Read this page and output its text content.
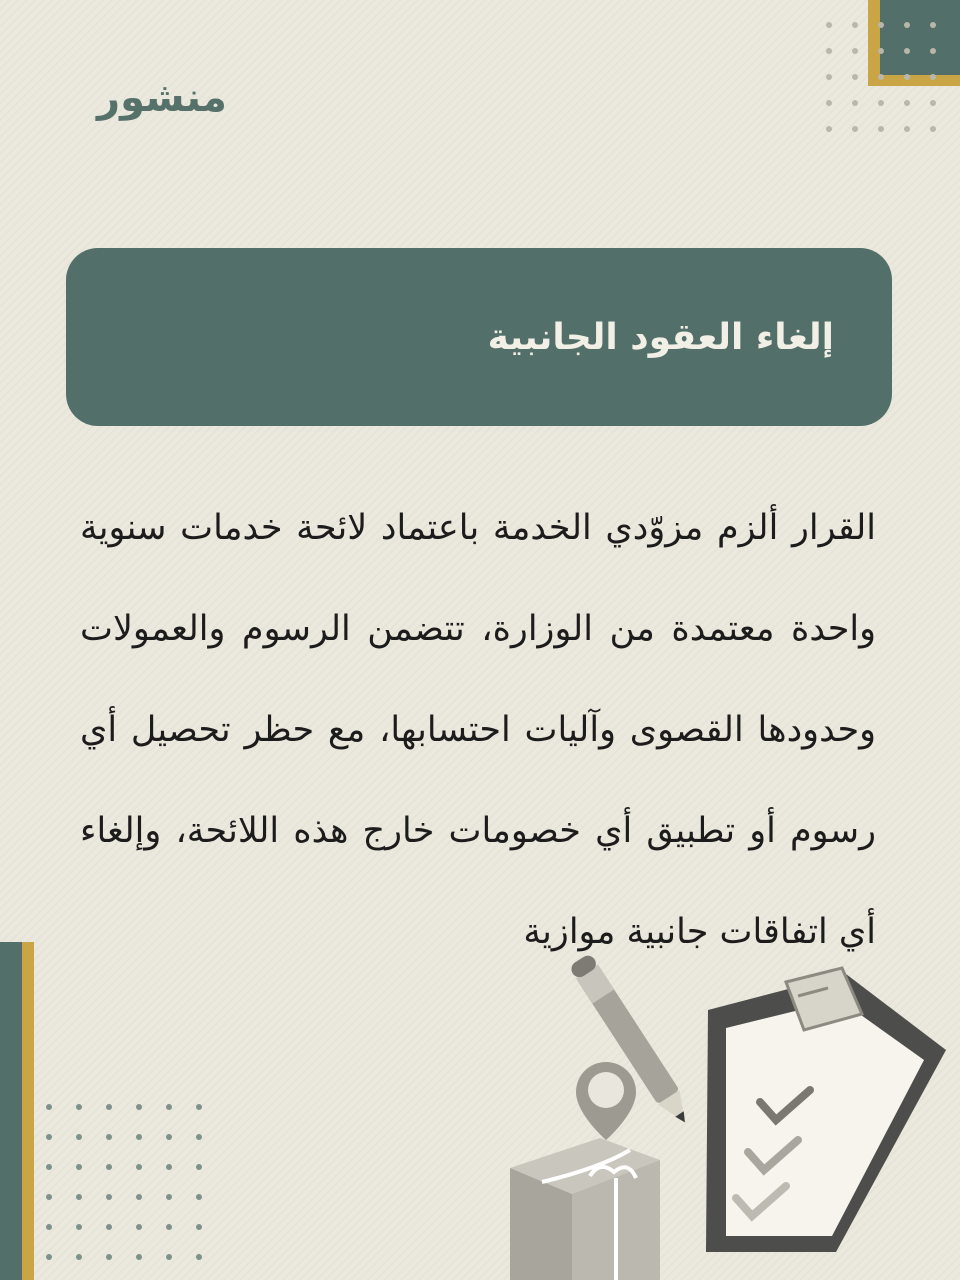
منشور
إلغاء العقود الجانبية
القرار ألزم مزوّدي الخدمة باعتماد لائحة خدمات سنوية واحدة معتمدة من الوزارة، تتضمن الرسوم والعمولات وحدودها القصوى وآليات احتسابها، مع حظر تحصيل أي رسوم أو تطبيق أي خصومات خارج هذه اللائحة، وإلغاء أي اتفاقات جانبية موازية
